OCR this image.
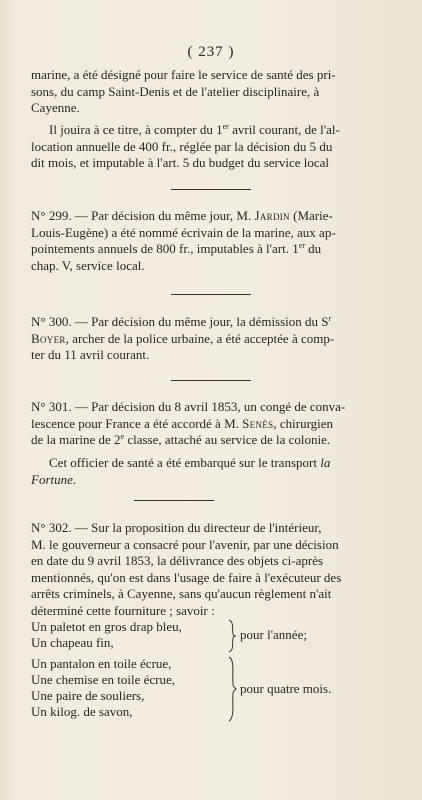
( 237 )
marine, a été désigné pour faire le service de santé des pri-
sons, du camp Saint-Denis et de l'atelier disciplinaire, à
Cayenne.
Il jouira à ce titre, à compter du 1er avril courant, de l'al-
location annuelle de 400 fr., réglée par la décision du 5 du
dit mois, et imputable à l'art. 5 du budget du service local
N° 299. — Par décision du même jour, M. Jardin (Marie-
Louis-Eugène) a été nommé écrivain de la marine, aux ap-
pointements annuels de 800 fr., imputables à l'art. 1er du
chap. V, service local.
N° 300. — Par décision du même jour, la démission du $S^r$
Boyer, archer de la police urbaine, a été acceptée à comp-
ter du 11 avril courant.
N° 301. — Par décision du 8 avril 1853, un congé de conva-
lescence pour France a été accordé à M. Senès, chirurgien
de la marine de 2e classe, attaché au service de la colonie.
Cet officier de santé a été embarqué sur le transport la
Fortune.
N° 302. — Sur la proposition du directeur de l'intérieur,
M. le gouverneur a consacré pour l'avenir, par une décision
en date du 9 avril 1853, la délivrance des objets ci-après
mentionnés, qu'on est dans l'usage de faire à l'exécuteur des
arrêts criminels, à Cayenne, sans qu'aucun règlement n'ait
déterminé cette fourniture ; savoir :
Un paletot en gros drap bleu,
Un chapeau fin,
pour l'année;
Un pantalon en toile écrue,
Une chemise en toile écrue,
Une paire de souliers,
Un kilog. de savon,
pour quatre mois.
